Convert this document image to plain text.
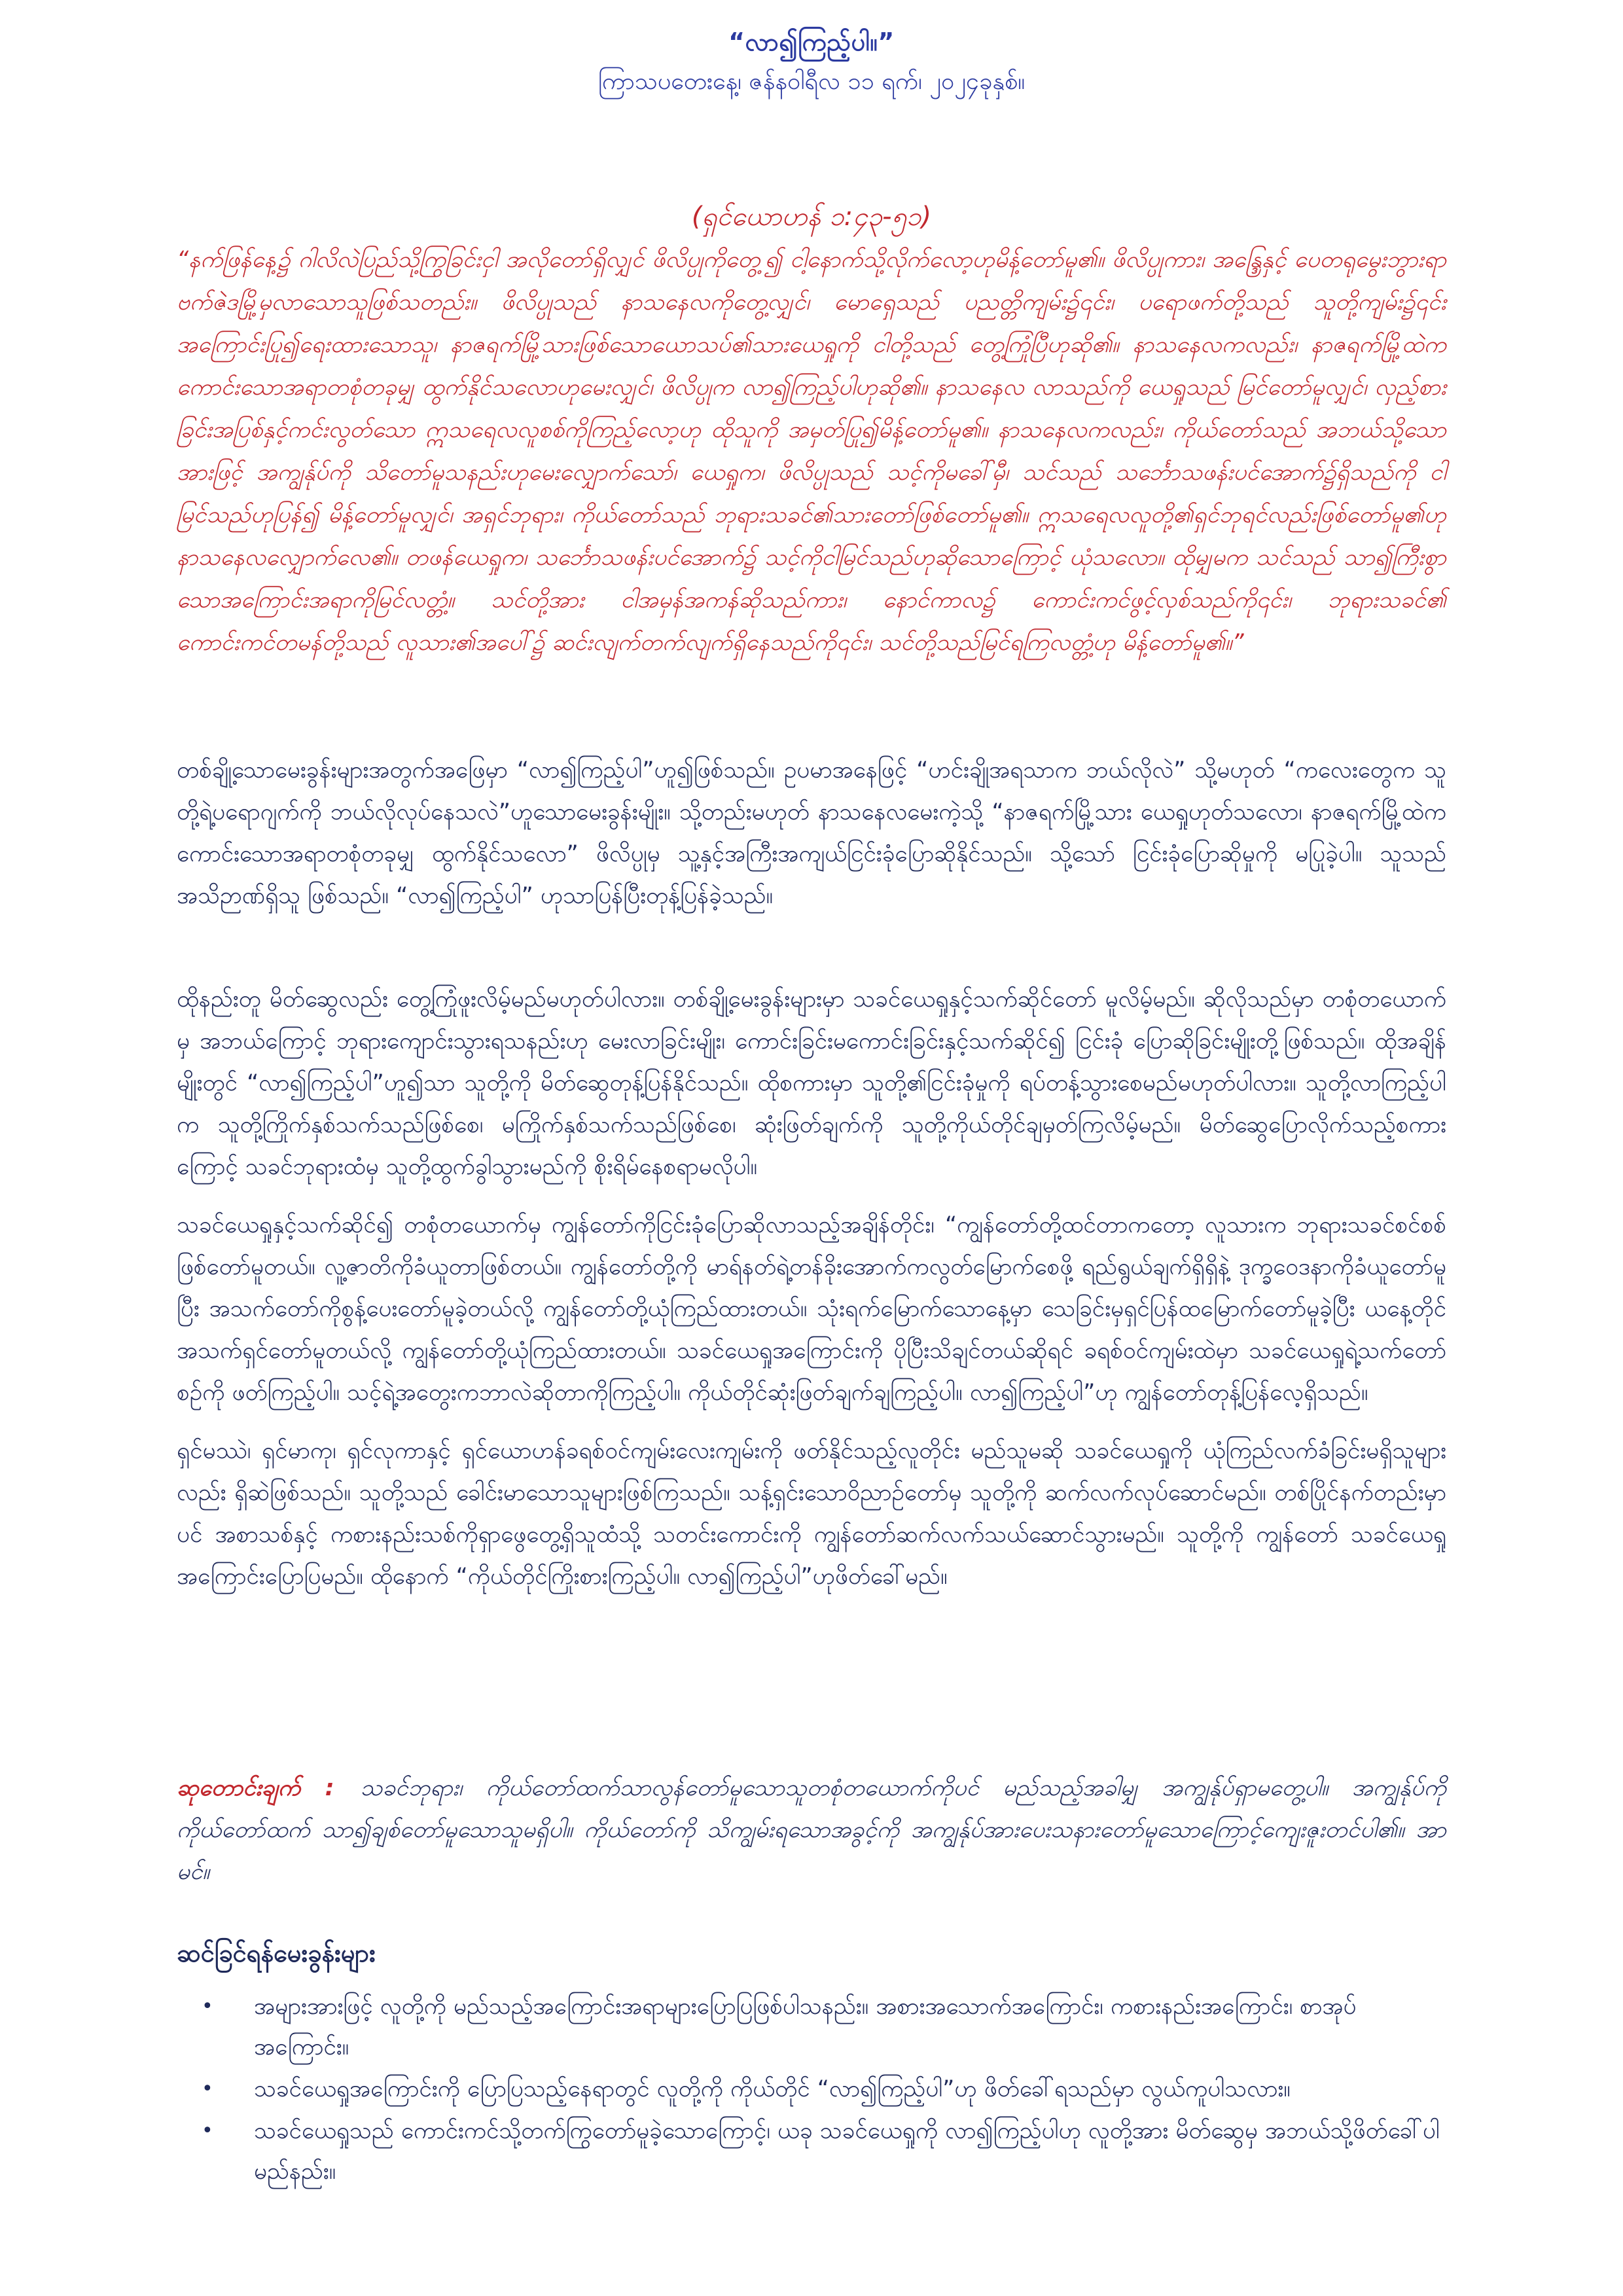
“လာ၍ကြည့်ပါ။”
ကြာသပတေးနေ့၊ ဇန်နဝါရီလ ၁၁ ရက်၊ ၂၀၂၄ခုနှစ်။
(ရှင်ယောဟန် ၁:၄၃-၅၁)
“နက်ဖြန်နေ့၌ ဂါလိလဲပြည်သို့ကြွခြင်းငှါ အလိုတော်ရှိလျှင် ဖိလိပ္ပုကိုတွေ့၍ ငါ့နောက်သို့လိုက်လော့ဟုမိန့်တော်မူ၏။ ဖိလိပ္ပုကား၊ အန္ဒြေနှင့် ပေတရုမွေးဘွားရာ ဗက်ဇဲဒမြို့မှလာသောသူဖြစ်သတည်း။ ဖိလိပ္ပုသည် နာသနေလကိုတွေ့လျှင်၊ မောရှေသည် ပညတ္တိကျမ်း၌၎င်း၊ ပရောဖက်တို့သည် သူတို့ကျမ်း၌၎င်း အကြောင်းပြု၍ရေးထားသောသူ၊ နာဇရက်မြို့သားဖြစ်သောယောသပ်၏သားယေရှုကို ငါတို့သည် တွေ့ကြုံပြီဟုဆို၏။ နာသနေလကလည်း၊ နာဇရက်မြို့ထဲက ကောင်းသောအရာတစုံတခုမျှ ထွက်နိုင်သလောဟုမေးလျှင်၊ ဖိလိပ္ပုက လာ၍ကြည့်ပါဟုဆို၏။ နာသနေလ လာသည်ကို ယေရှုသည် မြင်တော်မူလျှင်၊ လှည့်စားခြင်းအပြစ်နှင့်ကင်းလွတ်သော ဣသရေလလူစစ်ကိုကြည့်လော့ဟု ထိုသူကို အမှတ်ပြု၍မိန့်တော်မူ၏။ နာသနေလကလည်း၊ ကိုယ်တော်သည် အဘယ်သို့သောအားဖြင့် အကျွန်ုပ်ကို သိတော်မူသနည်းဟုမေးလျှောက်သော်၊ ယေရှုက၊ ဖိလိပ္ပုသည် သင့်ကိုမခေါ်မှီ၊ သင်သည် သင်္ဘောသဖန်းပင်အောက်၌ရှိသည်ကို ငါမြင်သည်ဟုပြန်၍ မိန့်တော်မူလျှင်၊ အရှင်ဘုရား၊ ကိုယ်တော်သည် ဘုရားသခင်၏သားတော်ဖြစ်တော်မူ၏။ ဣသရေလလူတို့၏ရှင်ဘုရင်လည်းဖြစ်တော်မူ၏ဟု နာသနေလလျှောက်လေ၏။ တဖန်ယေရှုက၊ သင်္ဘောသဖန်းပင်အောက်၌ သင့်ကိုငါမြင်သည်ဟုဆိုသောကြောင့် ယုံသလော။ ထိုမျှမက သင်သည် သာ၍ကြီးစွာသောအကြောင်းအရာကိုမြင်လတ္တံ့။ သင်တို့အား ငါအမှန်အကန်ဆိုသည်ကား၊ နောင်ကာလ၌ ကောင်းကင်ဖွင့်လှစ်သည်ကို၎င်း၊ ဘုရားသခင်၏ ကောင်းကင်တမန်တို့သည် လူသား၏အပေါ်၌ ဆင်းလျက်တက်လျက်ရှိနေသည်ကို၎င်း၊ သင်တို့သည်မြင်ရကြလတ္တံ့ဟု မိန့်တော်မူ၏။”
တစ်ချို့သောမေးခွန်းများအတွက်အဖြေမှာ “လာ၍ကြည့်ပါ”ဟူ၍ဖြစ်သည်။ ဥပမာအနေဖြင့် “ဟင်းချိုအရသာက ဘယ်လိုလဲ” သို့မဟုတ် “ကလေးတွေက သူတို့ရဲ့ပရောဂျက်ကို ဘယ်လိုလုပ်နေသလဲ”ဟူသောမေးခွန်းမျိုး။ သို့တည်းမဟုတ် နာသနေလမေးကဲ့သို့ “နာဇရက်မြို့သား ယေရှုဟုတ်သလော၊ နာဇရက်မြို့ထဲက ကောင်းသောအရာတစုံတခုမျှ ထွက်နိုင်သလော” ဖိလိပ္ပုမှ သူ့နှင့်အကြီးအကျယ်ငြင်းခုံပြောဆိုနိုင်သည်။ သို့သော် ငြင်းခုံပြောဆိုမှုကို မပြုခဲ့ပါ။ သူသည်အသိဉာဏ်ရှိသူ ဖြစ်သည်။ “လာ၍ကြည့်ပါ” ဟုသာပြန်ပြီးတုန့်ပြန်ခဲ့သည်။
ထိုနည်းတူ မိတ်ဆွေလည်း တွေ့ကြုံဖူးလိမ့်မည်မဟုတ်ပါလား။ တစ်ချို့မေးခွန်းများမှာ သခင်ယေရှုနှင့်သက်ဆိုင်တော် မူလိမ့်မည်။ ဆိုလိုသည်မှာ တစုံတယောက်မှ အဘယ်ကြောင့် ဘုရားကျောင်းသွားရသနည်းဟု မေးလာခြင်းမျိုး၊ ကောင်းခြင်းမကောင်းခြင်းနှင့်သက်ဆိုင်၍ ငြင်းခုံ ပြောဆိုခြင်းမျိုးတို့ဖြစ်သည်။ ထိုအချိန်မျိုးတွင် “လာ၍ကြည့်ပါ”ဟူ၍သာ သူတို့ကို မိတ်ဆွေတုန့်ပြန်နိုင်သည်။ ထိုစကားမှာ သူတို့၏ငြင်းခုံမှုကို ရပ်တန့်သွားစေမည်မဟုတ်ပါလား။ သူတို့လာကြည့်ပါက သူတို့ကြိုက်နှစ်သက်သည်ဖြစ်စေ၊ မကြိုက်နှစ်သက်သည်ဖြစ်စေ၊ ဆုံးဖြတ်ချက်ကို သူတို့ကိုယ်တိုင်ချမှတ်ကြလိမ့်မည်။ မိတ်ဆွေပြောလိုက်သည့်စကားကြောင့် သခင်ဘုရားထံမှ သူတို့ထွက်ခွါသွားမည်ကို စိုးရိမ်နေစရာမလိုပါ။
သခင်ယေရှုနှင့်သက်ဆိုင်၍ တစုံတယောက်မှ ကျွန်တော်ကိုငြင်းခုံပြောဆိုလာသည့်အချိန်တိုင်း၊ “ကျွန်တော်တို့ထင်တာကတော့ လူသားက ဘုရားသခင်စင်စစ်ဖြစ်တော်မူတယ်။ လူ့ဇာတိကိုခံယူတာဖြစ်တယ်။ ကျွန်တော်တို့ကို မာရ်နတ်ရဲ့တန်ခိုးအောက်ကလွတ်မြောက်စေဖို့ ရည်ရွယ်ချက်ရှိရှိနဲ့ ဒုက္ခဝေဒနာကိုခံယူတော်မူပြီး အသက်တော်ကိုစွန့်ပေးတော်မူခဲ့တယ်လို့ ကျွန်တော်တို့ယုံကြည်ထားတယ်။ သုံးရက်မြောက်သောနေ့မှာ သေခြင်းမှရှင်ပြန်ထမြောက်တော်မူခဲ့ပြီး ယနေ့တိုင်အသက်ရှင်တော်မူတယ်လို့ ကျွန်တော်တို့ယုံကြည်ထားတယ်။ သခင်ယေရှုအကြောင်းကို ပိုပြီးသိချင်တယ်ဆိုရင် ခရစ်ဝင်ကျမ်းထဲမှာ သခင်ယေရှုရဲ့သက်တော်စဉ်ကို ဖတ်ကြည့်ပါ။ သင့်ရဲ့အတွေးကဘာလဲဆိုတာကိုကြည့်ပါ။ ကိုယ်တိုင်ဆုံးဖြတ်ချက်ချကြည့်ပါ။ လာ၍ကြည့်ပါ”ဟု ကျွန်တော်တုန့်ပြန်လေ့ရှိသည်။
ရှင်မဿဲ၊ ရှင်မာကု၊ ရှင်လုကာနှင့် ရှင်ယောဟန်ခရစ်ဝင်ကျမ်းလေးကျမ်းကို ဖတ်နိုင်သည့်လူတိုင်း မည်သူမဆို သခင်ယေရှုကို ယုံကြည်လက်ခံခြင်းမရှိသူများလည်း ရှိဆဲဖြစ်သည်။ သူတို့သည် ခေါင်းမာသောသူများဖြစ်ကြသည်။ သန့်ရှင်းသောဝိညာဉ်တော်မှ သူတို့ကို ဆက်လက်လုပ်ဆောင်မည်။ တစ်ပြိုင်နက်တည်းမှာပင် အစာသစ်နှင့် ကစားနည်းသစ်ကိုရှာဖွေတွေ့ရှိသူထံသို့ သတင်းကောင်းကို ကျွန်တော်ဆက်လက်သယ်ဆောင်သွားမည်။ သူတို့ကို ကျွန်တော် သခင်ယေရှုအကြောင်းပြောပြမည်။ ထိုနောက် “ကိုယ်တိုင်ကြိုးစားကြည့်ပါ။ လာ၍ကြည့်ပါ”ဟုဖိတ်ခေါ်မည်။
ဆုတောင်းချက် : သခင်ဘုရား၊ ကိုယ်တော်ထက်သာလွန်တော်မူသောသူတစုံတယောက်ကိုပင် မည်သည့်အခါမျှ အကျွန်ုပ်ရှာမတွေ့ပါ။ အကျွန်ုပ်ကို ကိုယ်တော်ထက် သာ၍ချစ်တော်မူသောသူမရှိပါ။ ကိုယ်တော်ကို သိကျွမ်းရသောအခွင့်ကို အကျွန်ုပ်အားပေးသနားတော်မူသောကြောင့်ကျေးဇူးတင်ပါ၏။ အာမင်။
ဆင်ခြင်ရန်မေးခွန်းများ
• အများအားဖြင့် လူတို့ကို မည်သည့်အကြောင်းအရာများပြောပြဖြစ်ပါသနည်း။ အစားအသောက်အကြောင်း၊ ကစားနည်းအကြောင်း၊ စာအုပ်အကြောင်း။
• သခင်ယေရှုအကြောင်းကို ပြောပြသည့်နေရာတွင် လူတို့ကို ကိုယ်တိုင် “လာ၍ကြည့်ပါ”ဟု ဖိတ်ခေါ်ရသည်မှာ လွယ်ကူပါသလား။
• သခင်ယေရှုသည် ကောင်းကင်သို့တက်ကြွတော်မူခဲ့သောကြောင့်၊ ယခု သခင်ယေရှုကို လာ၍ကြည့်ပါဟု လူတို့အား မိတ်ဆွေမှ အဘယ်သို့ဖိတ်ခေါ်ပါမည်နည်း။
